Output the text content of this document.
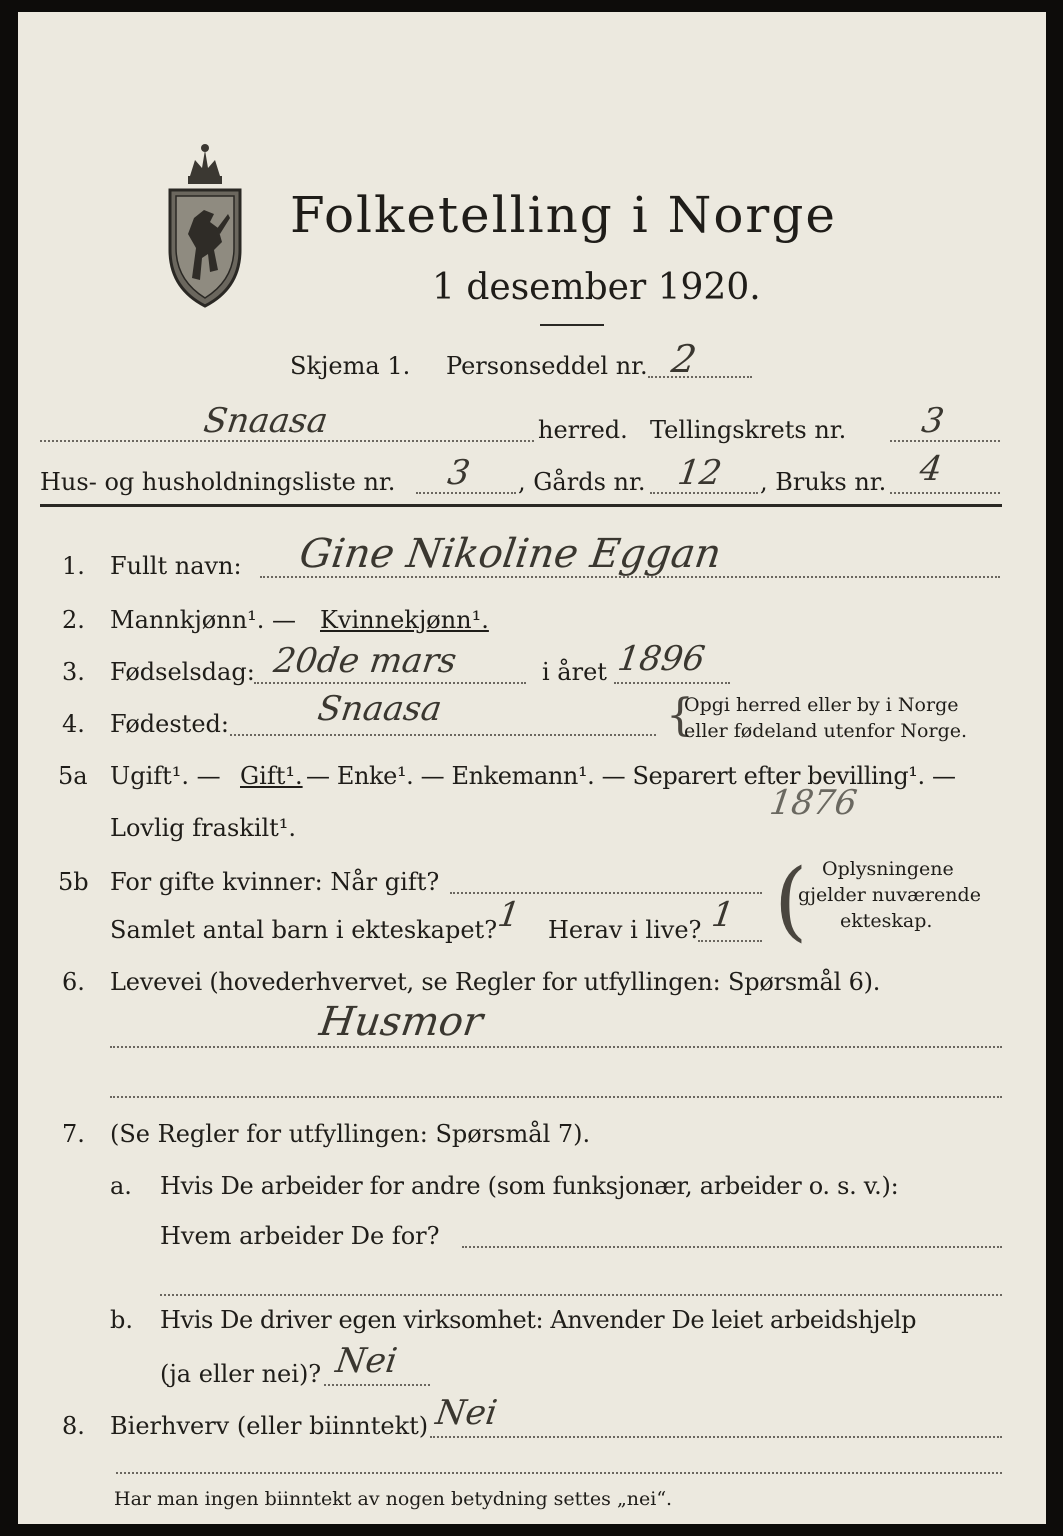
Folketelling i Norge
1 desember 1920.
Skjema 1. Personseddel nr. 2
Snaasa	herred. Tellingskrets nr. 3
Hus- og husholdningsliste nr. 3 , Gårds nr. 12 , Bruks nr. 4
1. Fullt navn: Gine Nikoline Eggan
2. Mannkjønn¹. — Kvinnekjønn¹.
3. Fødselsdag: 20de mars	i året 1896
4. Fødested:	Snaasa	{
Opgi herred eller by i Norge
eller fødeland utenfor Norge.
5a Ugift¹. — Gift¹. — Enke¹. — Enkemann¹. — Separert efter bevilling¹. —
Lovlig fraskilt¹.
1876
5b For gifte kvinner: Når gift?
Samlet antal barn i ekteskapet?
1 Herav i live? 1 ( Oplysningene
gjelder nuværende
ekteskap.
6. Levevei (hovederhvervet, se Regler for utfyllingen: Spørsmål 6).
Husmor
7. (Se Regler for utfyllingen: Spørsmål 7).
a. Hvis De arbeider for andre (som funksjonær, arbeider o. s. v.):
Hvem arbeider De for?
b. Hvis De driver egen virksomhet: Anvender De leiet arbeidshjelp
(ja eller nei)? Nei
8. Bierhverv (eller biinntekt) Nei
Har man ingen biinntekt av nogen betydning settes „nei“.
